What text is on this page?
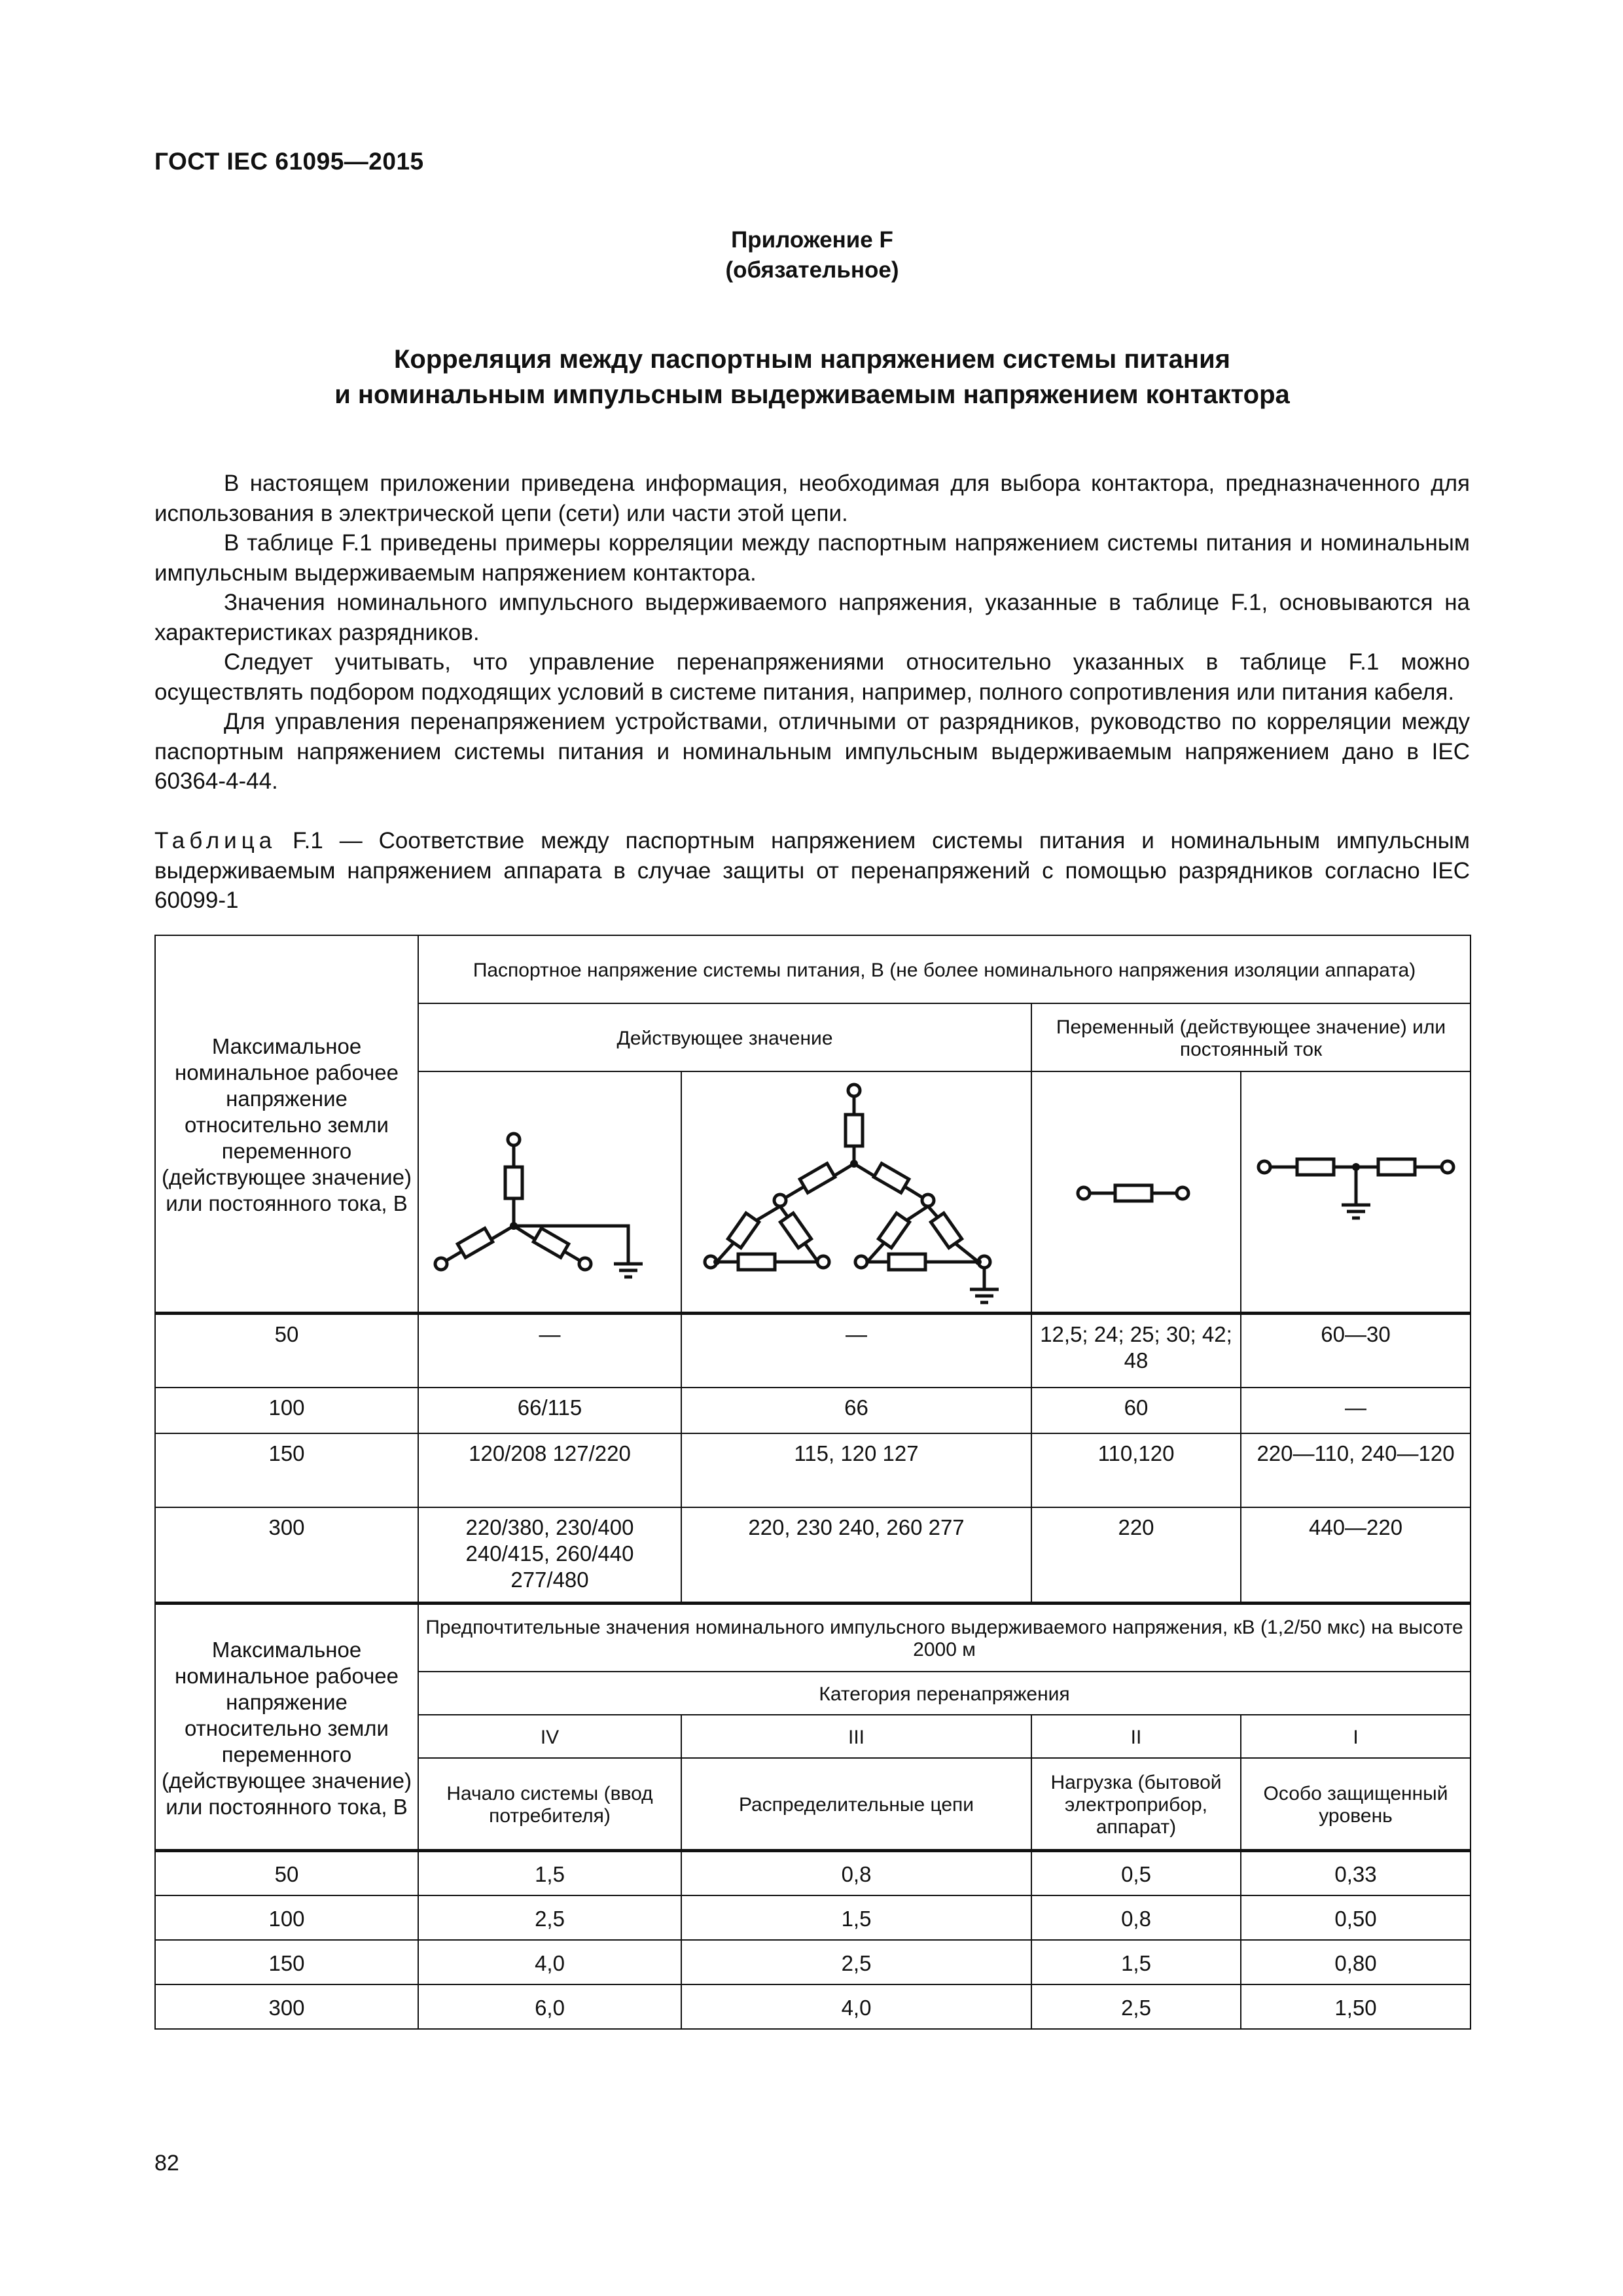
ГОСТ IEC 61095—2015
Приложение F
(обязательное)
Корреляция между паспортным напряжением системы питания
и номинальным импульсным выдерживаемым напряжением контактора

В настоящем приложении приведена информация, необходимая для выбора контактора, предназначенного для использования в электрической цепи (сети) или части этой цепи.

В таблице F.1 приведены примеры корреляции между паспортным напряжением системы питания и номинальным импульсным выдерживаемым напряжением контактора.

Значения номинального импульсного выдерживаемого напряжения, указанные в таблице F.1, основываются на характеристиках разрядников.

Следует учитывать, что управление перенапряжениями относительно указанных в таблице F.1 можно осуществлять подбором подходящих условий в системе питания, например, полного сопротивления или питания кабеля.

Для управления перенапряжением устройствами, отличными от разрядников, руководство по корреляции между паспортным напряжением системы питания и номинальным импульсным выдерживаемым напряжением дано в IEC 60364-4-44.

Таблица F.1 — Соответствие между паспортным напряжением системы питания и номинальным импульсным выдерживаемым напряжением аппарата в случае защиты от перенапряжений с помощью разрядников согласно IEC 60099-1
Максимальное номинальное рабочее напряжение относительно земли переменного (действующее значение) или постоянного тока, В	Паспортное напряжение системы питания, В (не более номинального напряжения изоляции аппарата)			
	Действующее значение		Переменный (действующее значение) или постоянный ток	

50	—	—	12,5; 24; 25; 30; 42; 48	60—30
100	66/115	66	60	—
150	120/208 127/220	115, 120 127	110,120	220—110, 240—120
300	220/380, 230/400 240/415, 260/440 277/480	220, 230 240, 260 277	220	440—220
Максимальное номинальное рабочее напряжение относительно земли переменного (действующее значение) или постоянного тока, В	Предпочтительные значения номинального импульсного выдерживаемого напряжения, кВ (1,2/50 мкс) на высоте 2000 м			
	Категория перенапряжения			
	IV	III	II	I
	Начало системы (ввод потребителя)	Распределительные цепи	Нагрузка (бытовой электроприбор, аппарат)	Особо защищенный уровень
50	1,5	0,8	0,5	0,33
100	2,5	1,5	0,8	0,50
150	4,0	2,5	1,5	0,80
300	6,0	4,0	2,5	1,50
82
